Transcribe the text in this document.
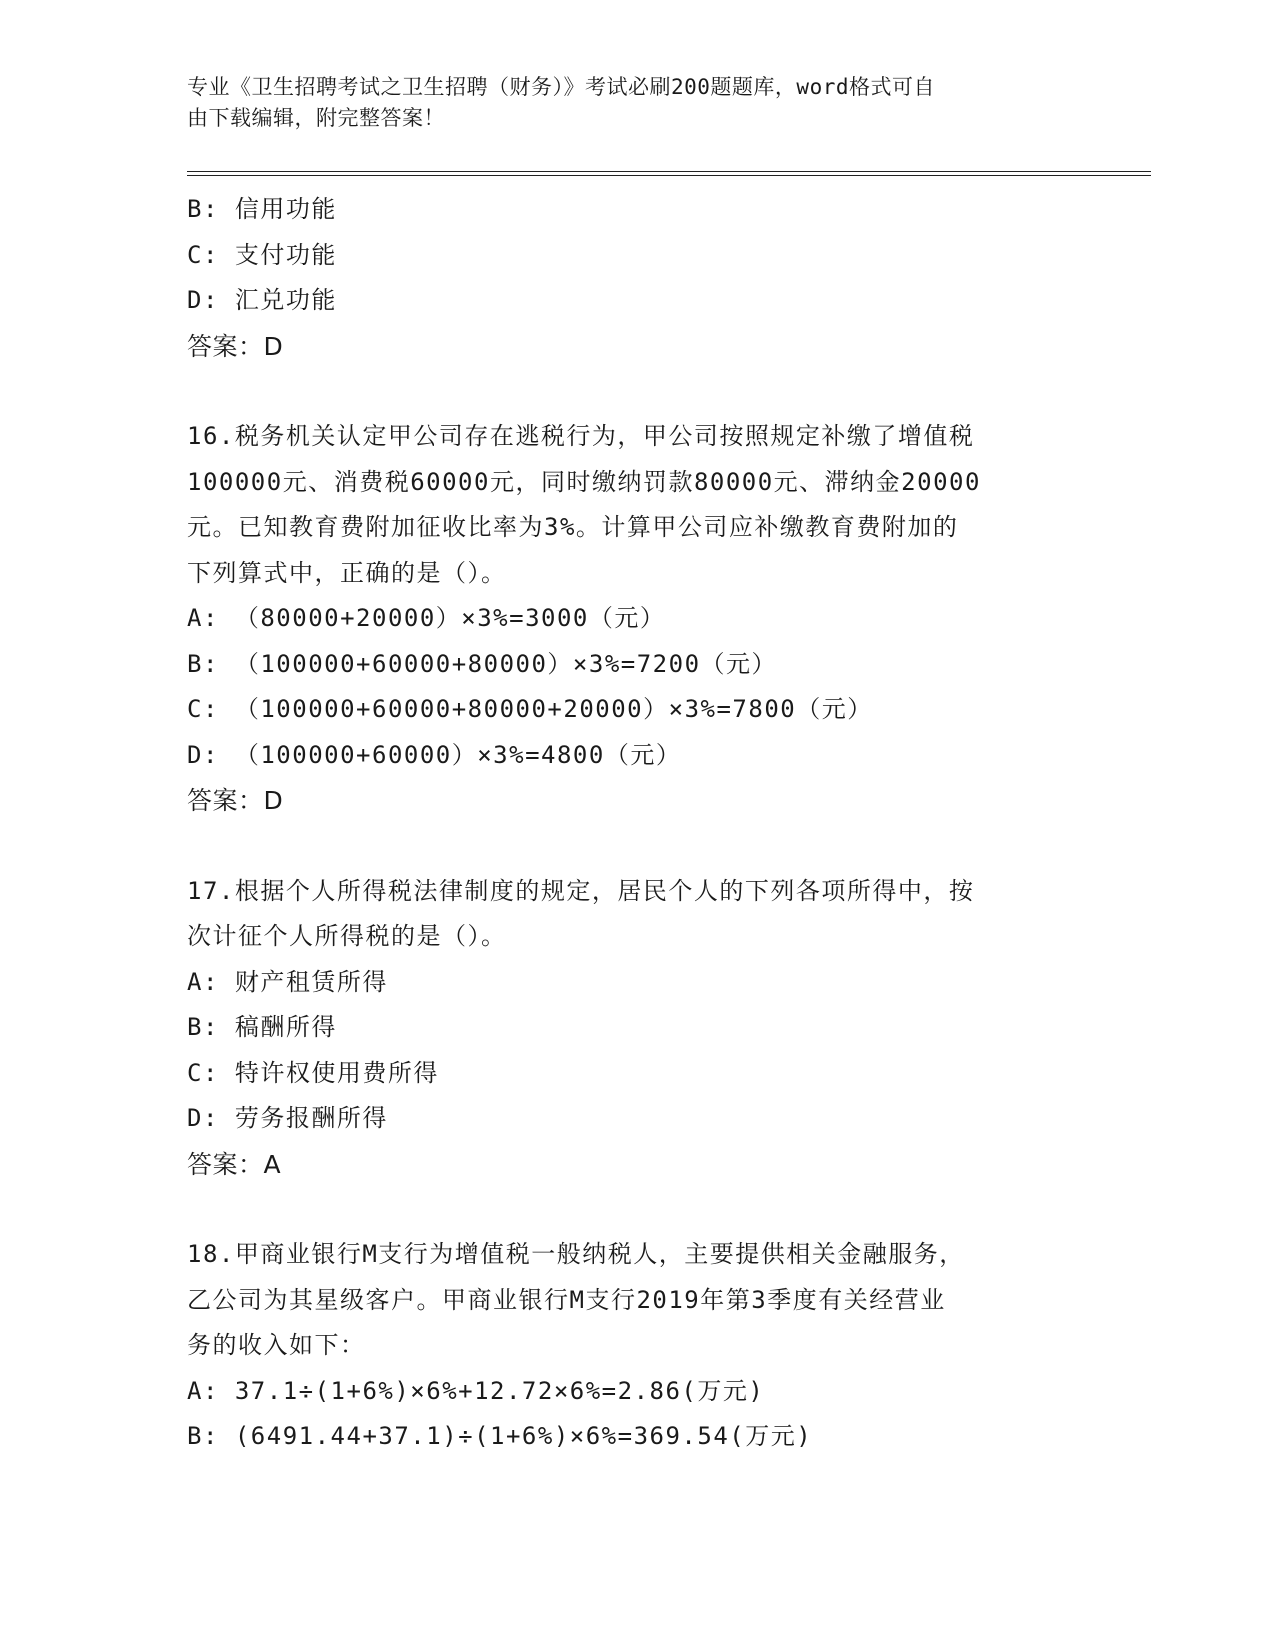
专业《卫生招聘考试之卫生招聘（财务）》考试必刷200题题库，word格式可自
由下载编辑，附完整答案！
B: 信用功能
C: 支付功能
D: 汇兑功能
答案：D
16.税务机关认定甲公司存在逃税行为，甲公司按照规定补缴了增值税
100000元、消费税60000元，同时缴纳罚款80000元、滞纳金20000
元。已知教育费附加征收比率为3%。计算甲公司应补缴教育费附加的
下列算式中，正确的是（）。
A: （80000+20000）×3%=3000（元）
B: （100000+60000+80000）×3%=7200（元）
C: （100000+60000+80000+20000）×3%=7800（元）
D: （100000+60000）×3%=4800（元）
答案：D
17.根据个人所得税法律制度的规定，居民个人的下列各项所得中，按
次计征个人所得税的是（）。
A: 财产租赁所得
B: 稿酬所得
C: 特许权使用费所得
D: 劳务报酬所得
答案：A
18.甲商业银行M支行为增值税一般纳税人，主要提供相关金融服务，
乙公司为其星级客户。甲商业银行M支行2019年第3季度有关经营业
务的收入如下：
A: 37.1÷(1+6%)×6%+12.72×6%=2.86(万元)
B: (6491.44+37.1)÷(1+6%)×6%=369.54(万元)
